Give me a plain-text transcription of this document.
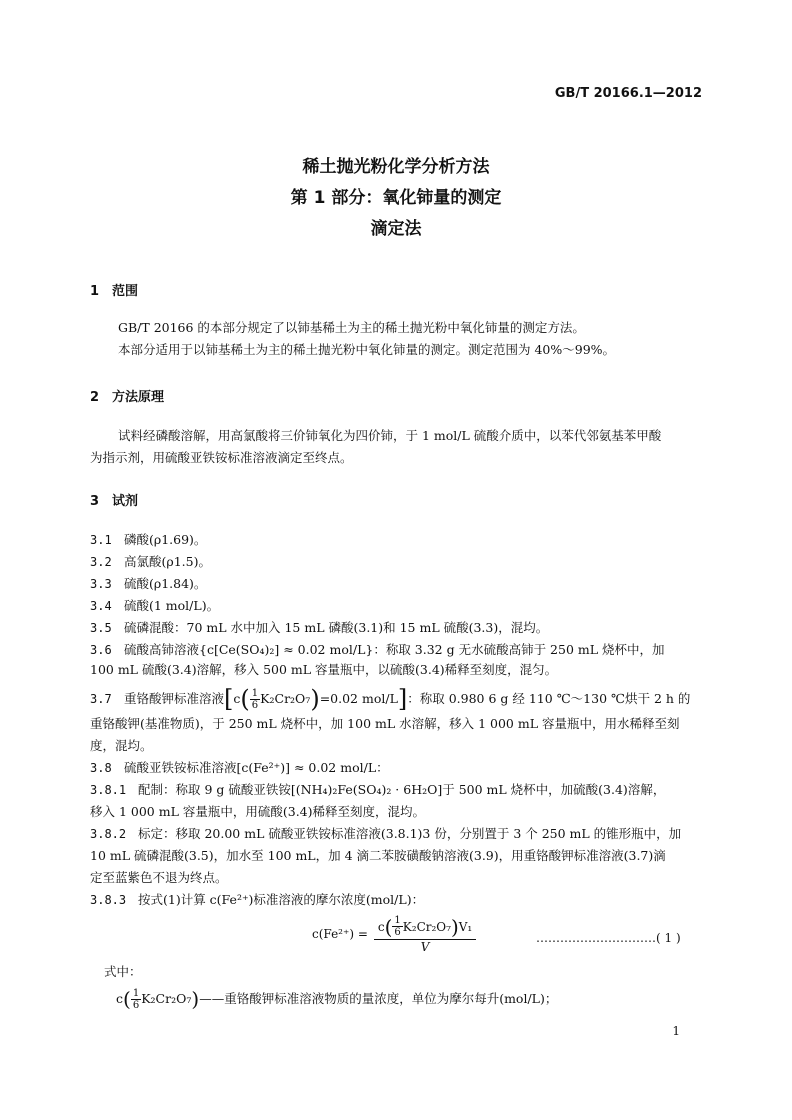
GB/T 20166.1—2012
稀土抛光粉化学分析方法
第 1 部分：氧化铈量的测定
滴定法
1 范围
GB/T 20166 的本部分规定了以铈基稀土为主的稀土抛光粉中氧化铈量的测定方法。
本部分适用于以铈基稀土为主的稀土抛光粉中氧化铈量的测定。测定范围为 40%～99%。
2 方法原理
试料经磷酸溶解，用高氯酸将三价铈氧化为四价铈，于 1 mol/L 硫酸介质中，以苯代邻氨基苯甲酸
为指示剂，用硫酸亚铁铵标准溶液滴定至终点。
3 试剂
3.1 磷酸(ρ1.69)。
3.2 高氯酸(ρ1.5)。
3.3 硫酸(ρ1.84)。
3.4 硫酸(1 mol/L)。
3.5 硫磷混酸：70 mL 水中加入 15 mL 磷酸(3.1)和 15 mL 硫酸(3.3)，混均。
3.6 硫酸高铈溶液{c[Ce(SO₄)₂] ≈ 0.02 mol/L}：称取 3.32 g 无水硫酸高铈于 250 mL 烧杯中，加
100 mL 硫酸(3.4)溶解，移入 500 mL 容量瓶中，以硫酸(3.4)稀释至刻度，混匀。
3.7 重铬酸钾标准溶液 [ c ( $\frac{1}{6} K_2Cr_2O_7$ ) =0.02 mol/L ] ：称取 0.980 6 g 经 110 ℃～130 ℃烘干 2 h 的
重铬酸钾(基准物质)，于 250 mL 烧杯中，加 100 mL 水溶解，移入 1 000 mL 容量瓶中，用水稀释至刻
度，混均。
3.8 硫酸亚铁铵标准溶液[c(Fe²⁺)] ≈ 0.02 mol/L：
3.8.1 配制：称取 9 g 硫酸亚铁铵[(NH₄)₂Fe(SO₄)₂ · 6H₂O]于 500 mL 烧杯中，加硫酸(3.4)溶解，
移入 1 000 mL 容量瓶中，用硫酸(3.4)稀释至刻度，混均。
3.8.2 标定：移取 20.00 mL 硫酸亚铁铵标准溶液(3.8.1)3 份，分别置于 3 个 250 mL 的锥形瓶中，加
10 mL 硫磷混酸(3.5)，加水至 100 mL，加 4 滴二苯胺磺酸钠溶液(3.9)，用重铬酸钾标准溶液(3.7)滴
定至蓝紫色不退为终点。
3.8.3 按式(1)计算 c(Fe²⁺)标准溶液的摩尔浓度(mol/L)：
c(Fe²⁺) =
c ( $\frac{1}{6} K_2Cr_2O_7$ ) V₁
V
…………………………( 1 )
式中：
c ( $\frac{1}{6} K_2Cr_2O_7$ ) ——重铬酸钾标准溶液物质的量浓度，单位为摩尔每升(mol/L)；
1
